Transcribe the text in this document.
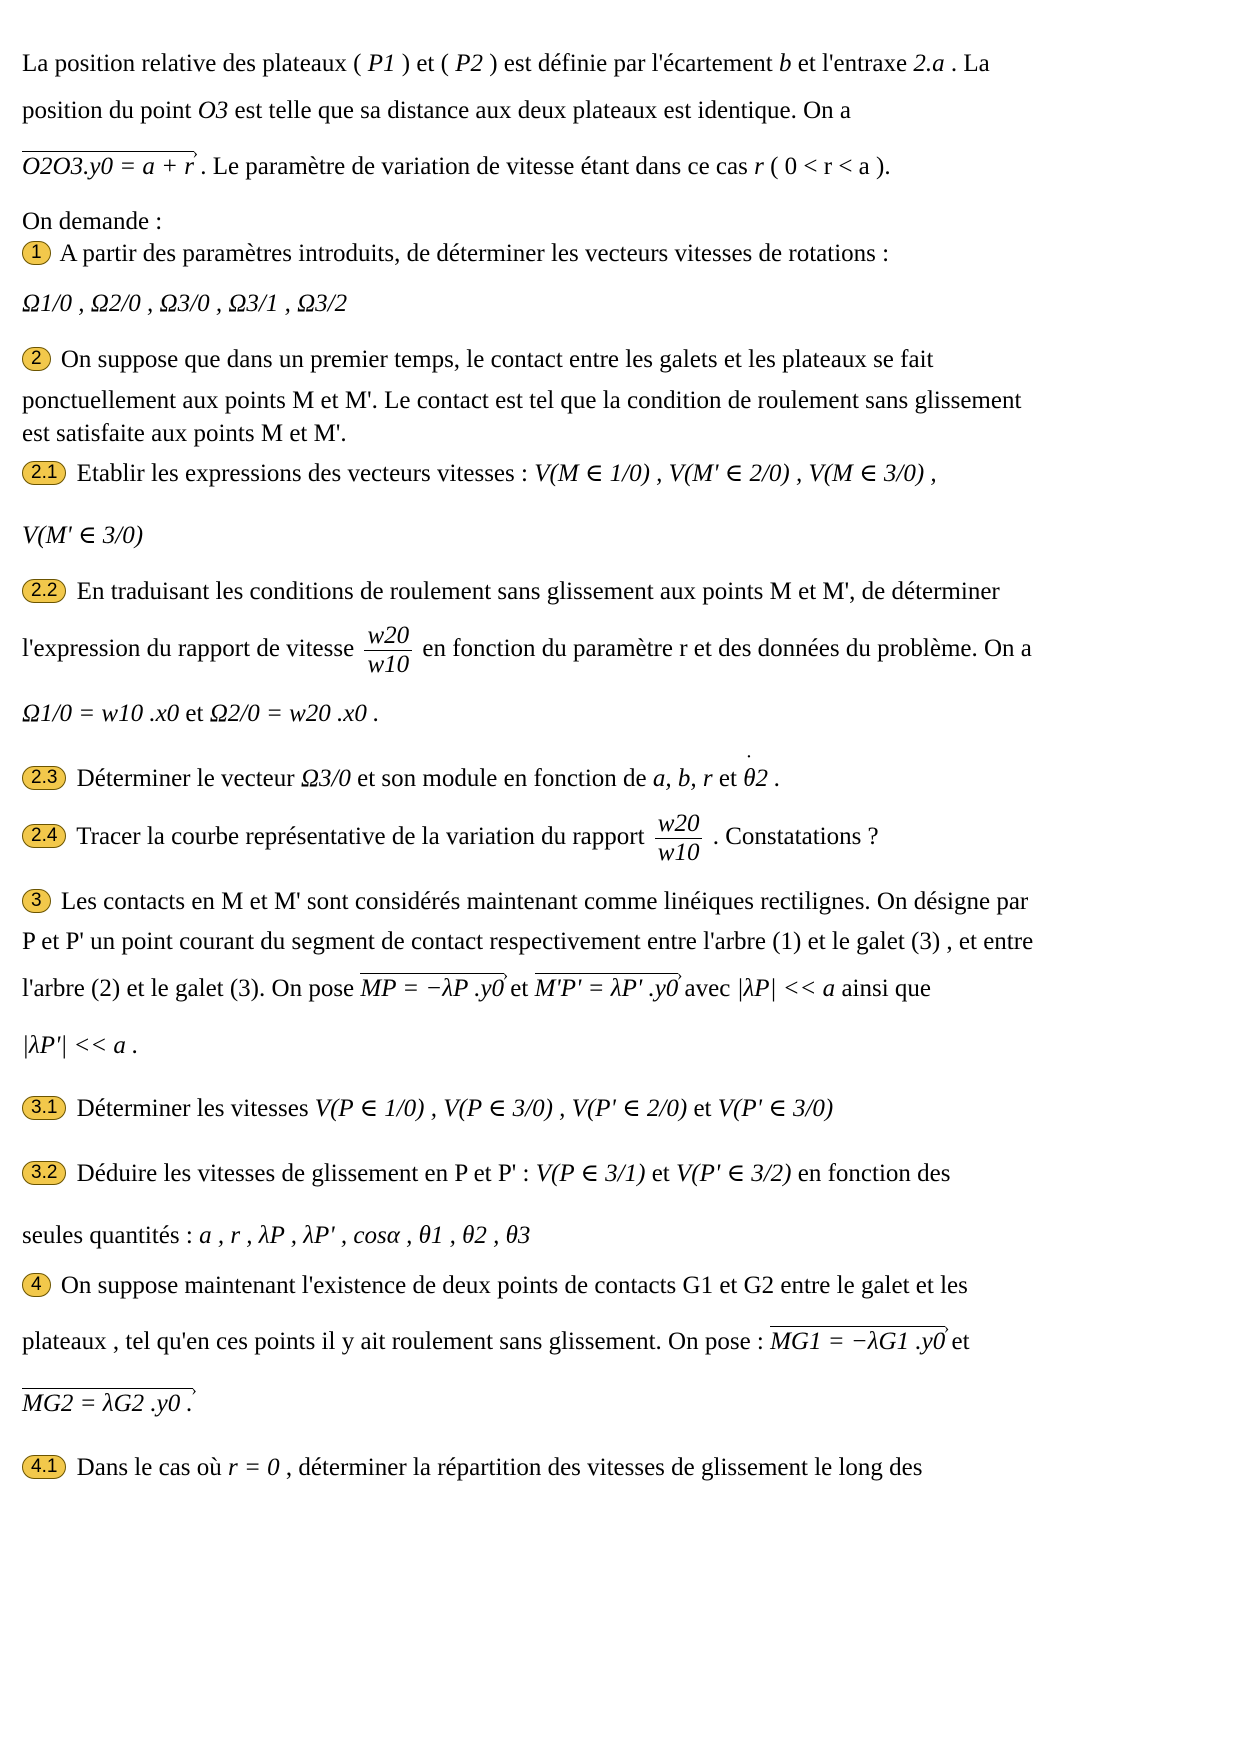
La position relative des plateaux ( P1 ) et ( P2 ) est définie par l'écartement b et l'entraxe 2.a . La
position du point O3 est telle que sa distance aux deux plateaux est identique. On a
O2O3.y0 = a + r › . Le paramètre de variation de vitesse étant dans ce cas r ( 0 < r < a ).
On demande :
1 A partir des paramètres introduits, de déterminer les vecteurs vitesses de rotations :
Ω1/0 , Ω2/0 , Ω3/0 , Ω3/1 , Ω3/2
2 On suppose que dans un premier temps, le contact entre les galets et les plateaux se fait
ponctuellement aux points M et M'. Le contact est tel que la condition de roulement sans glissement
est satisfaite aux points M et M'.
2.1 Etablir les expressions des vecteurs vitesses : V(M ∈ 1/0) , V(M' ∈ 2/0) , V(M ∈ 3/0) ,
V(M' ∈ 3/0)
2.2 En traduisant les conditions de roulement sans glissement aux points M et M', de déterminer
l'expression du rapport de vitesse $\frac{w20}{w10}$ en fonction du paramètre r et des données du problème. On a
Ω1/0 = w10 .x0 et Ω2/0 = w20 .x0 .
2.3 Déterminer le vecteur Ω3/0 et son module en fonction de a, b, r et ˙ θ2 .
2.4 Tracer la courbe représentative de la variation du rapport $\frac{w20}{w10}$ . Constatations ?
3 Les contacts en M et M' sont considérés maintenant comme linéiques rectilignes. On désigne par
P et P' un point courant du segment de contact respectivement entre l'arbre (1) et le galet (3) , et entre
l'arbre (2) et le galet (3). On pose MP = −λP .y0 › et M'P' = λP' .y0 › avec |λP| << a ainsi que
|λP'| << a .
3.1 Déterminer les vitesses V(P ∈ 1/0) , V(P ∈ 3/0) , V(P' ∈ 2/0) et V(P' ∈ 3/0)
3.2 Déduire les vitesses de glissement en P et P' : V(P ∈ 3/1) et V(P' ∈ 3/2) en fonction des
seules quantités : a , r , λP , λP' , cosα , θ1 , θ2 , θ3
4 On suppose maintenant l'existence de deux points de contacts G1 et G2 entre le galet et les
plateaux , tel qu'en ces points il y ait roulement sans glissement. On pose : MG1 = −λG1 .y0 › et
MG2 = λG2 .y0 . ›
4.1 Dans le cas où r = 0 , déterminer la répartition des vitesses de glissement le long des
